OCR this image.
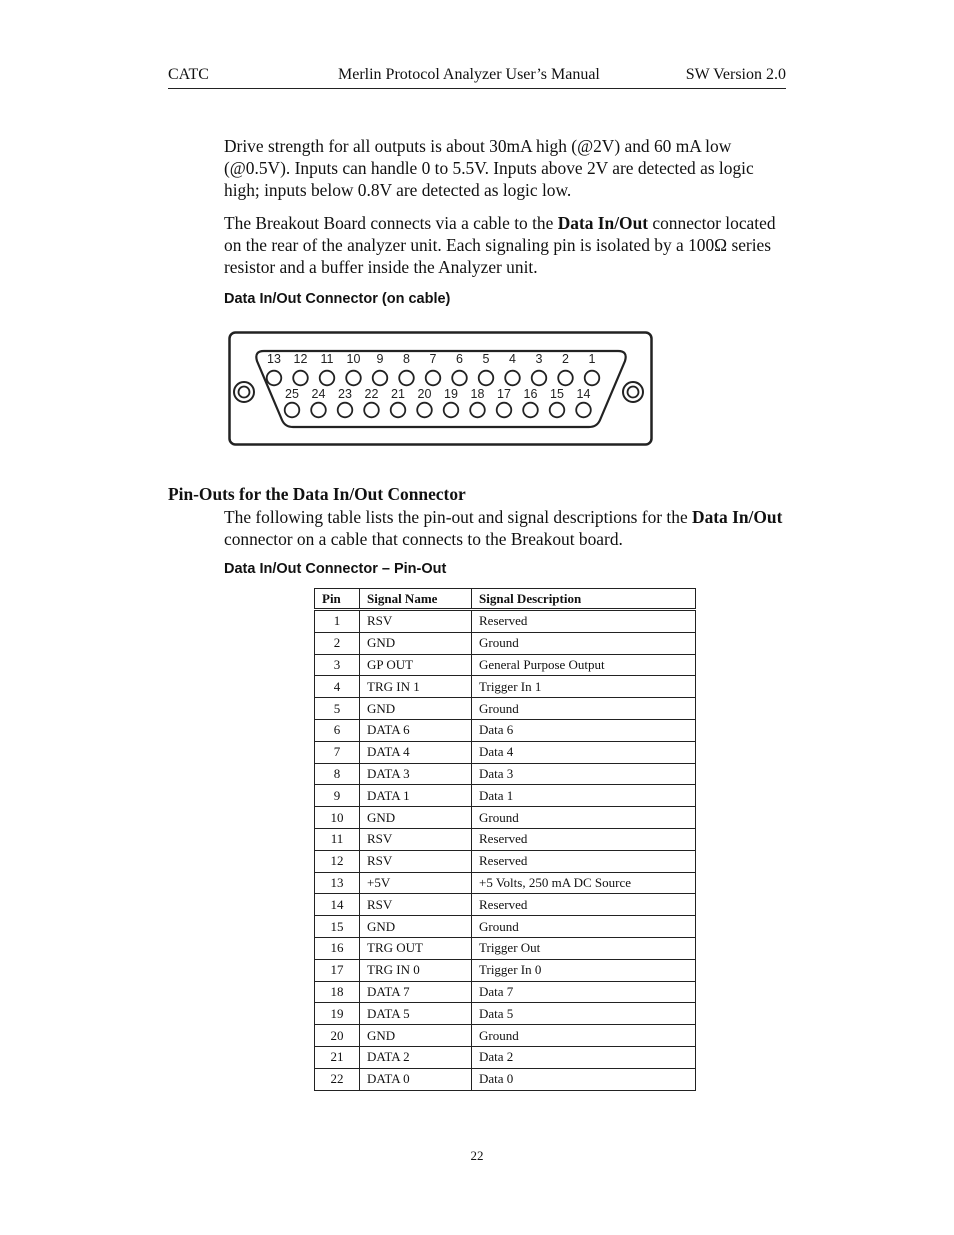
CATC	Merlin Protocol Analyzer User’s Manual	SW Version 2.0

Drive strength for all outputs is about 30mA high (@2V) and 60 mA low (@0.5V). Inputs can handle 0 to 5.5V. Inputs above 2V are detected as logic high; inputs below 0.8V are detected as logic low.

The Breakout Board connects via a cable to the Data In/Out connector located on the rear of the analyzer unit. Each signaling pin is isolated by a 100Ω series resistor and a buffer inside the Analyzer unit.

Data In/Out Connector (on cable)

13 12 11 10 9 8 7 6 5 4 3 2 1
25 24 23 22 21 20 19 18 17 16 15 14

Pin-Outs for the Data In/Out Connector

The following table lists the pin-out and signal descriptions for the Data In/Out connector on a cable that connects to the Breakout board.

Data In/Out Connector – Pin-Out

Pin	Signal Name	Signal Description
1	RSV	Reserved
2	GND	Ground
3	GP OUT	General Purpose Output
4	TRG IN 1	Trigger In 1
5	GND	Ground
6	DATA 6	Data 6
7	DATA 4	Data 4
8	DATA 3	Data 3
9	DATA 1	Data 1
10	GND	Ground
11	RSV	Reserved
12	RSV	Reserved
13	+5V	+5 Volts, 250 mA DC Source
14	RSV	Reserved
15	GND	Ground
16	TRG OUT	Trigger Out
17	TRG IN 0	Trigger In 0
18	DATA 7	Data 7
19	DATA 5	Data 5
20	GND	Ground
21	DATA 2	Data 2
22	DATA 0	Data 0
22
